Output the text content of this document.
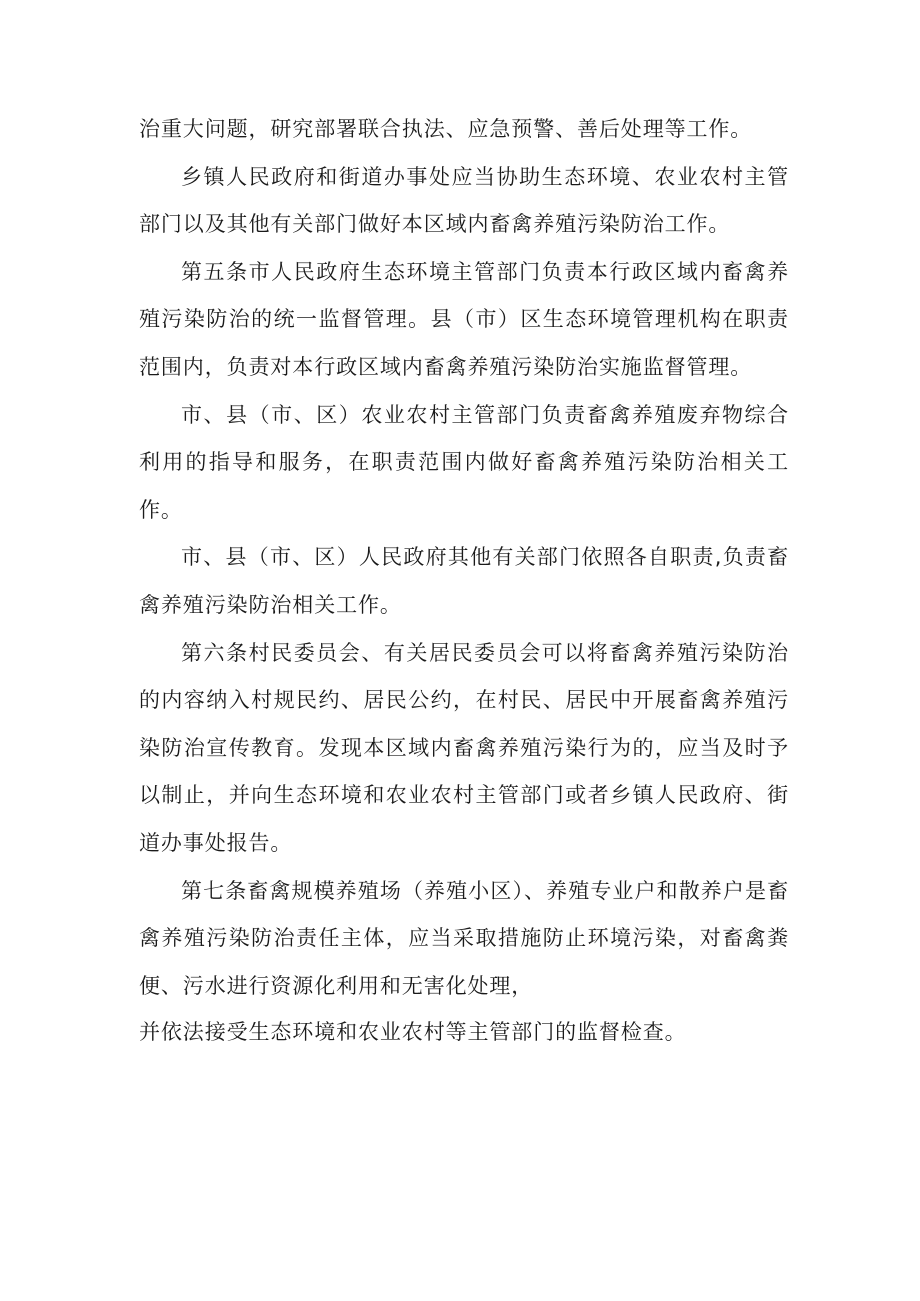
治重大问题，研究部署联合执法、应急预警、善后处理等工作。

乡镇人民政府和街道办事处应当协助生态环境、农业农村主管部门以及其他有关部门做好本区域内畜禽养殖污染防治工作。

第五条市人民政府生态环境主管部门负责本行政区域内畜禽养殖污染防治的统一监督管理。县（市）区生态环境管理机构在职责范围内，负责对本行政区域内畜禽养殖污染防治实施监督管理。

市、县（市、区）农业农村主管部门负责畜禽养殖废弃物综合利用的指导和服务，在职责范围内做好畜禽养殖污染防治相关工作。

市、县（市、区）人民政府其他有关部门依照各自职责,负责畜禽养殖污染防治相关工作。

第六条村民委员会、有关居民委员会可以将畜禽养殖污染防治的内容纳入村规民约、居民公约，在村民、居民中开展畜禽养殖污染防治宣传教育。发现本区域内畜禽养殖污染行为的，应当及时予以制止，并向生态环境和农业农村主管部门或者乡镇人民政府、街道办事处报告。

第七条畜禽规模养殖场（养殖小区）、养殖专业户和散养户是畜禽养殖污染防治责任主体，应当采取措施防止环境污染，对畜禽粪便、污水进行资源化利用和无害化处理，

并依法接受生态环境和农业农村等主管部门的监督检查。
